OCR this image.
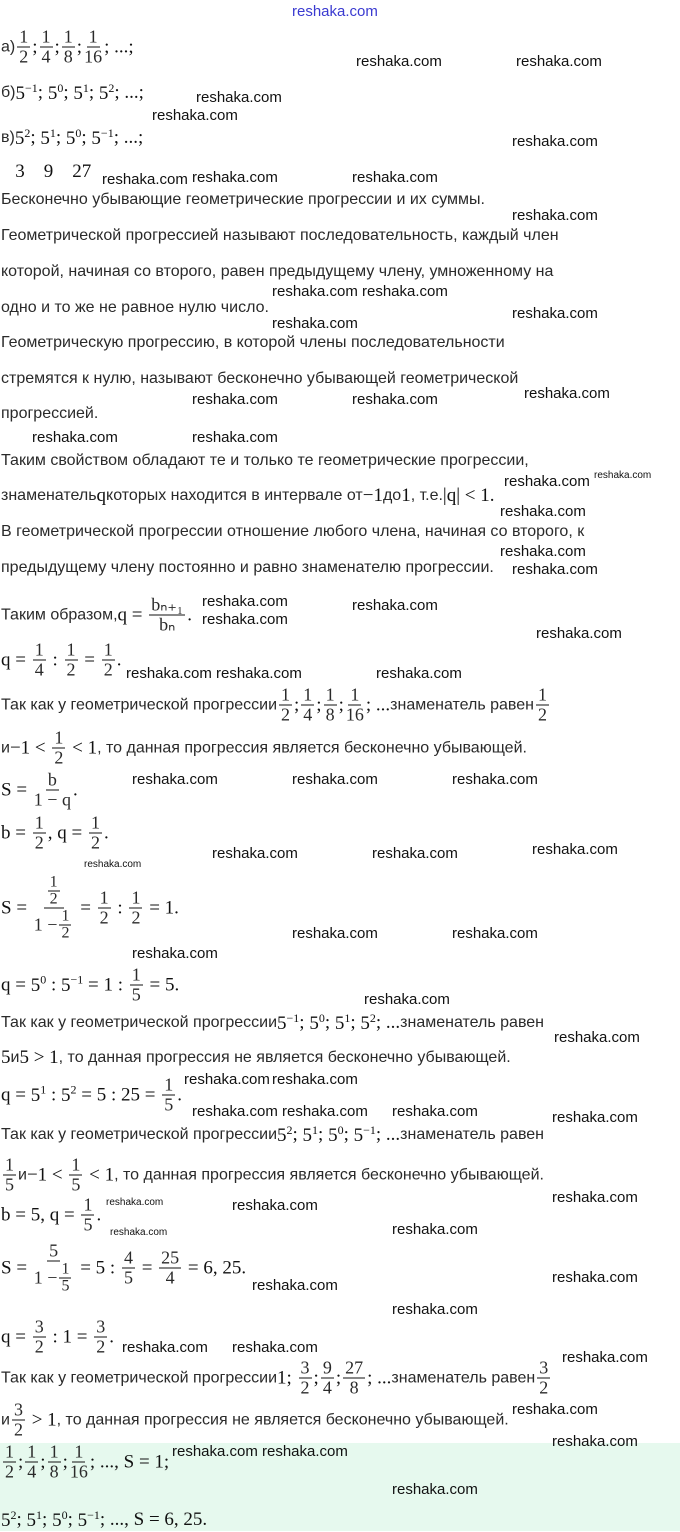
$а) \frac{1}{2}$ ; $\frac{1}{4}$ ; $\frac{1}{8}$ ; $\frac{1}{16}$ ; ...;
б) $5^{-1}$ ; $5^0$ ; $5^1$ ; $5^2$ ; ...;
в) $5^2$ ; $5^1$ ; $5^0$ ; $5^{-1}$ ; ...;
3    9    27
Бесконечно убывающие геометрические прогрессии и их суммы.
Геометрической прогрессией называют последовательность, каждый член
которой, начиная со второго, равен предыдущему члену, умноженному на
одно и то же не равное нулю число.
Геометрическую прогрессию, в которой члены последовательности
стремятся к нулю, называют бесконечно убывающей геометрической
прогрессией.
Таким свойством обладают те и только те геометрические прогрессии,
знаменатель q которых находится в интервале от −1 до 1 , т.е. |q| < 1.
В геометрической прогрессии отношение любого члена, начиная со второго, к
предыдущему члену постоянно и равно знаменателю прогрессии.
Таким образом, $q = \frac{\text{bₙ₊₁}}{\text{bₙ}}$ .
$q = \frac{1}{4}$ : $\frac{1}{2} = \frac{1}{2}$ .
Так как у геометрической прогрессии $\frac{1}{2}$ ; $\frac{1}{4}$ ; $\frac{1}{8}$ ; $\frac{1}{16}$ ; ... знаменатель равен $\frac{1}{2}$
$и -1 < \frac{1}{2} < 1$ , то данная прогрессия является бесконечно убывающей.
$S = \frac{b}{1 - q}$ .
$b = \frac{1}{2}$ , $q = \frac{1}{2}$ .
$S = \frac{\frac{1}{2}}{1 - \frac{1}{2}} = \frac{1}{2}$ : $\frac{1}{2} = 1$.
$q = 5^0$ : $5^{-1} = 1$ : $\frac{1}{5} = 5$.
Так как у геометрической прогрессии $5^{-1}$ ; $5^0$ ; $5^1$ ; $5^2$ ; ... знаменатель равен
5 и 5 > 1 , то данная прогрессия не является бесконечно убывающей.
$q = 5^1$ : $5^2 = 5$ : $25 = \frac{1}{5}$ .
Так как у геометрической прогрессии $5^2$ ; $5^1$ ; $5^0$ ; $5^{-1}$ ; ... знаменатель равен
$\frac{1}{5}$ $и -1 < \frac{1}{5} < 1$ , то данная прогрессия является бесконечно убывающей.
b = 5, $q = \frac{1}{5}$ .
$S = \frac{5}{1 - \frac{1}{5}} = 5$ : $\frac{4}{5} = \frac{25}{4} = 6$, 25.
$q = \frac{3}{2}$ : $1 = \frac{3}{2}$ .
Так как у геометрической прогрессии 1; $\frac{3}{2}$ ; $\frac{9}{4}$ ; $\frac{27}{8}$ ; ... знаменатель равен $\frac{3}{2}$
и $\frac{3}{2} > 1$ , то данная прогрессия не является бесконечно убывающей.
$\frac{1}{2}$ ; $\frac{1}{4}$ ; $\frac{1}{8}$ ; $\frac{1}{16}$ ; ..., S = 1;
$5^2$ ; $5^1$ ; $5^0$ ; $5^{-1}$ ; ..., S = 6, 25.
reshaka.com
reshaka.com	reshaka.com
reshaka.com
reshaka.com
reshaka.com
reshaka.com	reshaka.com
reshaka.com
reshaka.com
reshaka.com reshaka.com
reshaka.com
reshaka.com
reshaka.com	reshaka.com	reshaka.com
reshaka.com	reshaka.com
reshaka.com reshaka.com
reshaka.com
reshaka.com
reshaka.com
reshaka.com
reshaka.com
reshaka.com
reshaka.com
reshaka.com reshaka.com	reshaka.com
reshaka.com	reshaka.com	reshaka.com
reshaka.com
reshaka.com	reshaka.com	reshaka.com
reshaka.com
reshaka.com	reshaka.com
reshaka.com reshaka.com
reshaka.com
reshaka.com
reshaka.com reshaka.com	reshaka.com
reshaka.com
reshaka.com	reshaka.com	reshaka.com
reshaka.com
reshaka.com
reshaka.com	reshaka.com
reshaka.com
reshaka.com reshaka.com
reshaka.com
reshaka.com
reshaka.com reshaka.com
reshaka.com
reshaka.com
